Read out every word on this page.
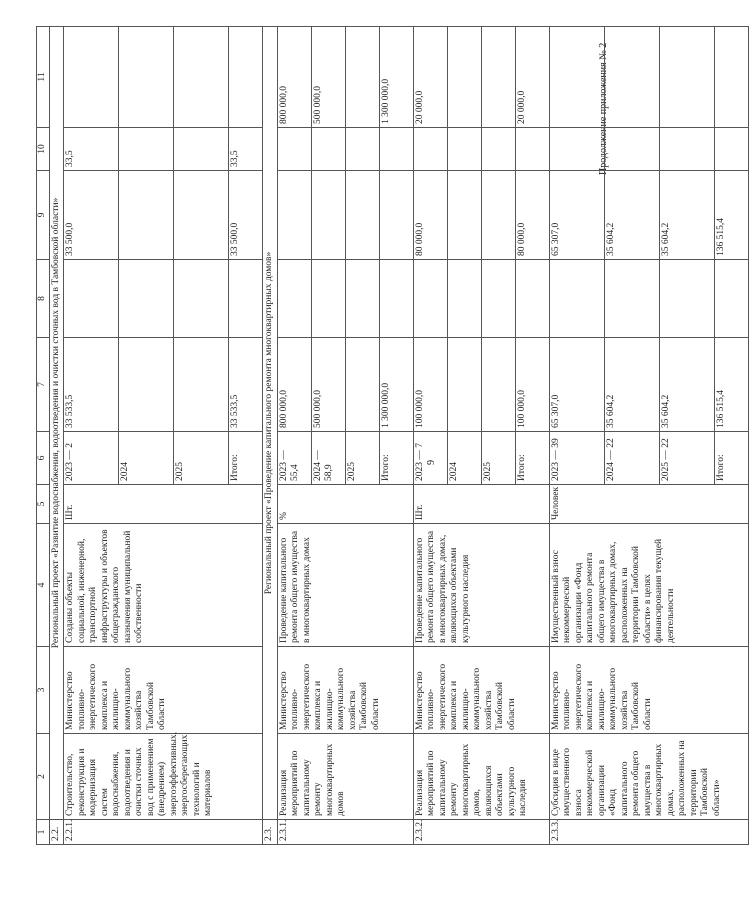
Продолжение приложения № 2
9
1	2	3	4	5	6	7	8	9	10	11
2.2.	Региональный проект «Развитие водоснабжения, водоотведения и очистки сточных вод в Тамбовской области»									
2.2.1.	Строительство, реконструкция и модернизация систем водоснабжения, водоотведения и очистки сточных вод с применением (внедрением) энергоэффективных, энергосберегающих технологий и материалов	Министерство топливно-энергетического комплекса и жилищно-коммунального хозяйства Тамбовской области	Созданы объекты социальной, инженерной, транспортной инфраструктуры и объектов общегражданского назначения муниципальной собственности	Шт.	2023 — 2	33 533,5		33 500,0	33,5	
					2024					
					2025					
					Итого:	33 533,5		33 500,0	33,5	
2.3.	Региональный проект «Проведение капитального ремонта многоквартирных домов»									
2.3.1.	Реализация мероприятий по капитальному ремонту многоквартирных домов	Министерство топливно-энергетического комплекса и жилищно-коммунального хозяйства Тамбовской области	Проведение капитального ремонта общего имущества в многоквартирных домах	%	2023 — 55,4	800 000,0				800 000,0
					2024 — 58,9	500 000,0				500 000,0
					2025					
					Итого:	1 300 000,0				1 300 000,0
2.3.2.	Реализация мероприятий по капитальному ремонту многоквартирных домов, являющихся объектами культурного наследия	Министерство топливно-энергетического комплекса и жилищно-коммунального хозяйства Тамбовской области	Проведение капитального ремонта общего имущества в многоквартирных домах, являющихся объектами культурного наследия	Шт.	2023 — 7	100 000,0		80 000,0		20 000,0
					2024					
					2025					
					Итого:	100 000,0		80 000,0		20 000,0
2.3.3.	Субсидия в виде имущественного взноса некоммерческой организации «Фонд капитального ремонта общего имущества в многоквартирных домах, расположенных на территории Тамбовской области»	Министерство топливно-энергетического комплекса и жилищно-коммунального хозяйства Тамбовской области	Имущественный взнос некоммерческой организации «Фонд капитального ремонта общего имущества в многоквартирных домах, расположенных на территории Тамбовской области» в целях финансирования текущей деятельности	Человек	2023 — 39	65 307,0		65 307,0		
					2024 — 22	35 604,2		35 604,2		
					2025 — 22	35 604,2		35 604,2		
					Итого:	136 515,4		136 515,4		
